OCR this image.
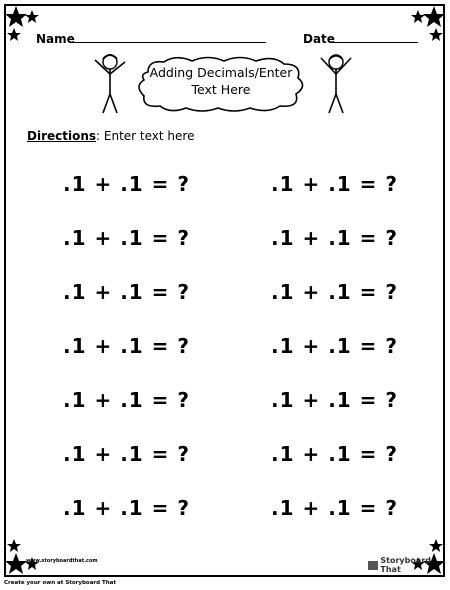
Name	Date
Adding Decimals/Enter
Text Here
Directions: Enter text here
.1 + .1 = ?	.1 + .1 = ?
.1 + .1 = ?	.1 + .1 = ?
.1 + .1 = ?	.1 + .1 = ?
.1 + .1 = ?	.1 + .1 = ?
.1 + .1 = ?	.1 + .1 = ?
.1 + .1 = ?	.1 + .1 = ?
.1 + .1 = ?	.1 + .1 = ?
www.storyboardthat.com	Storyboard That
Create your own at Storyboard That
